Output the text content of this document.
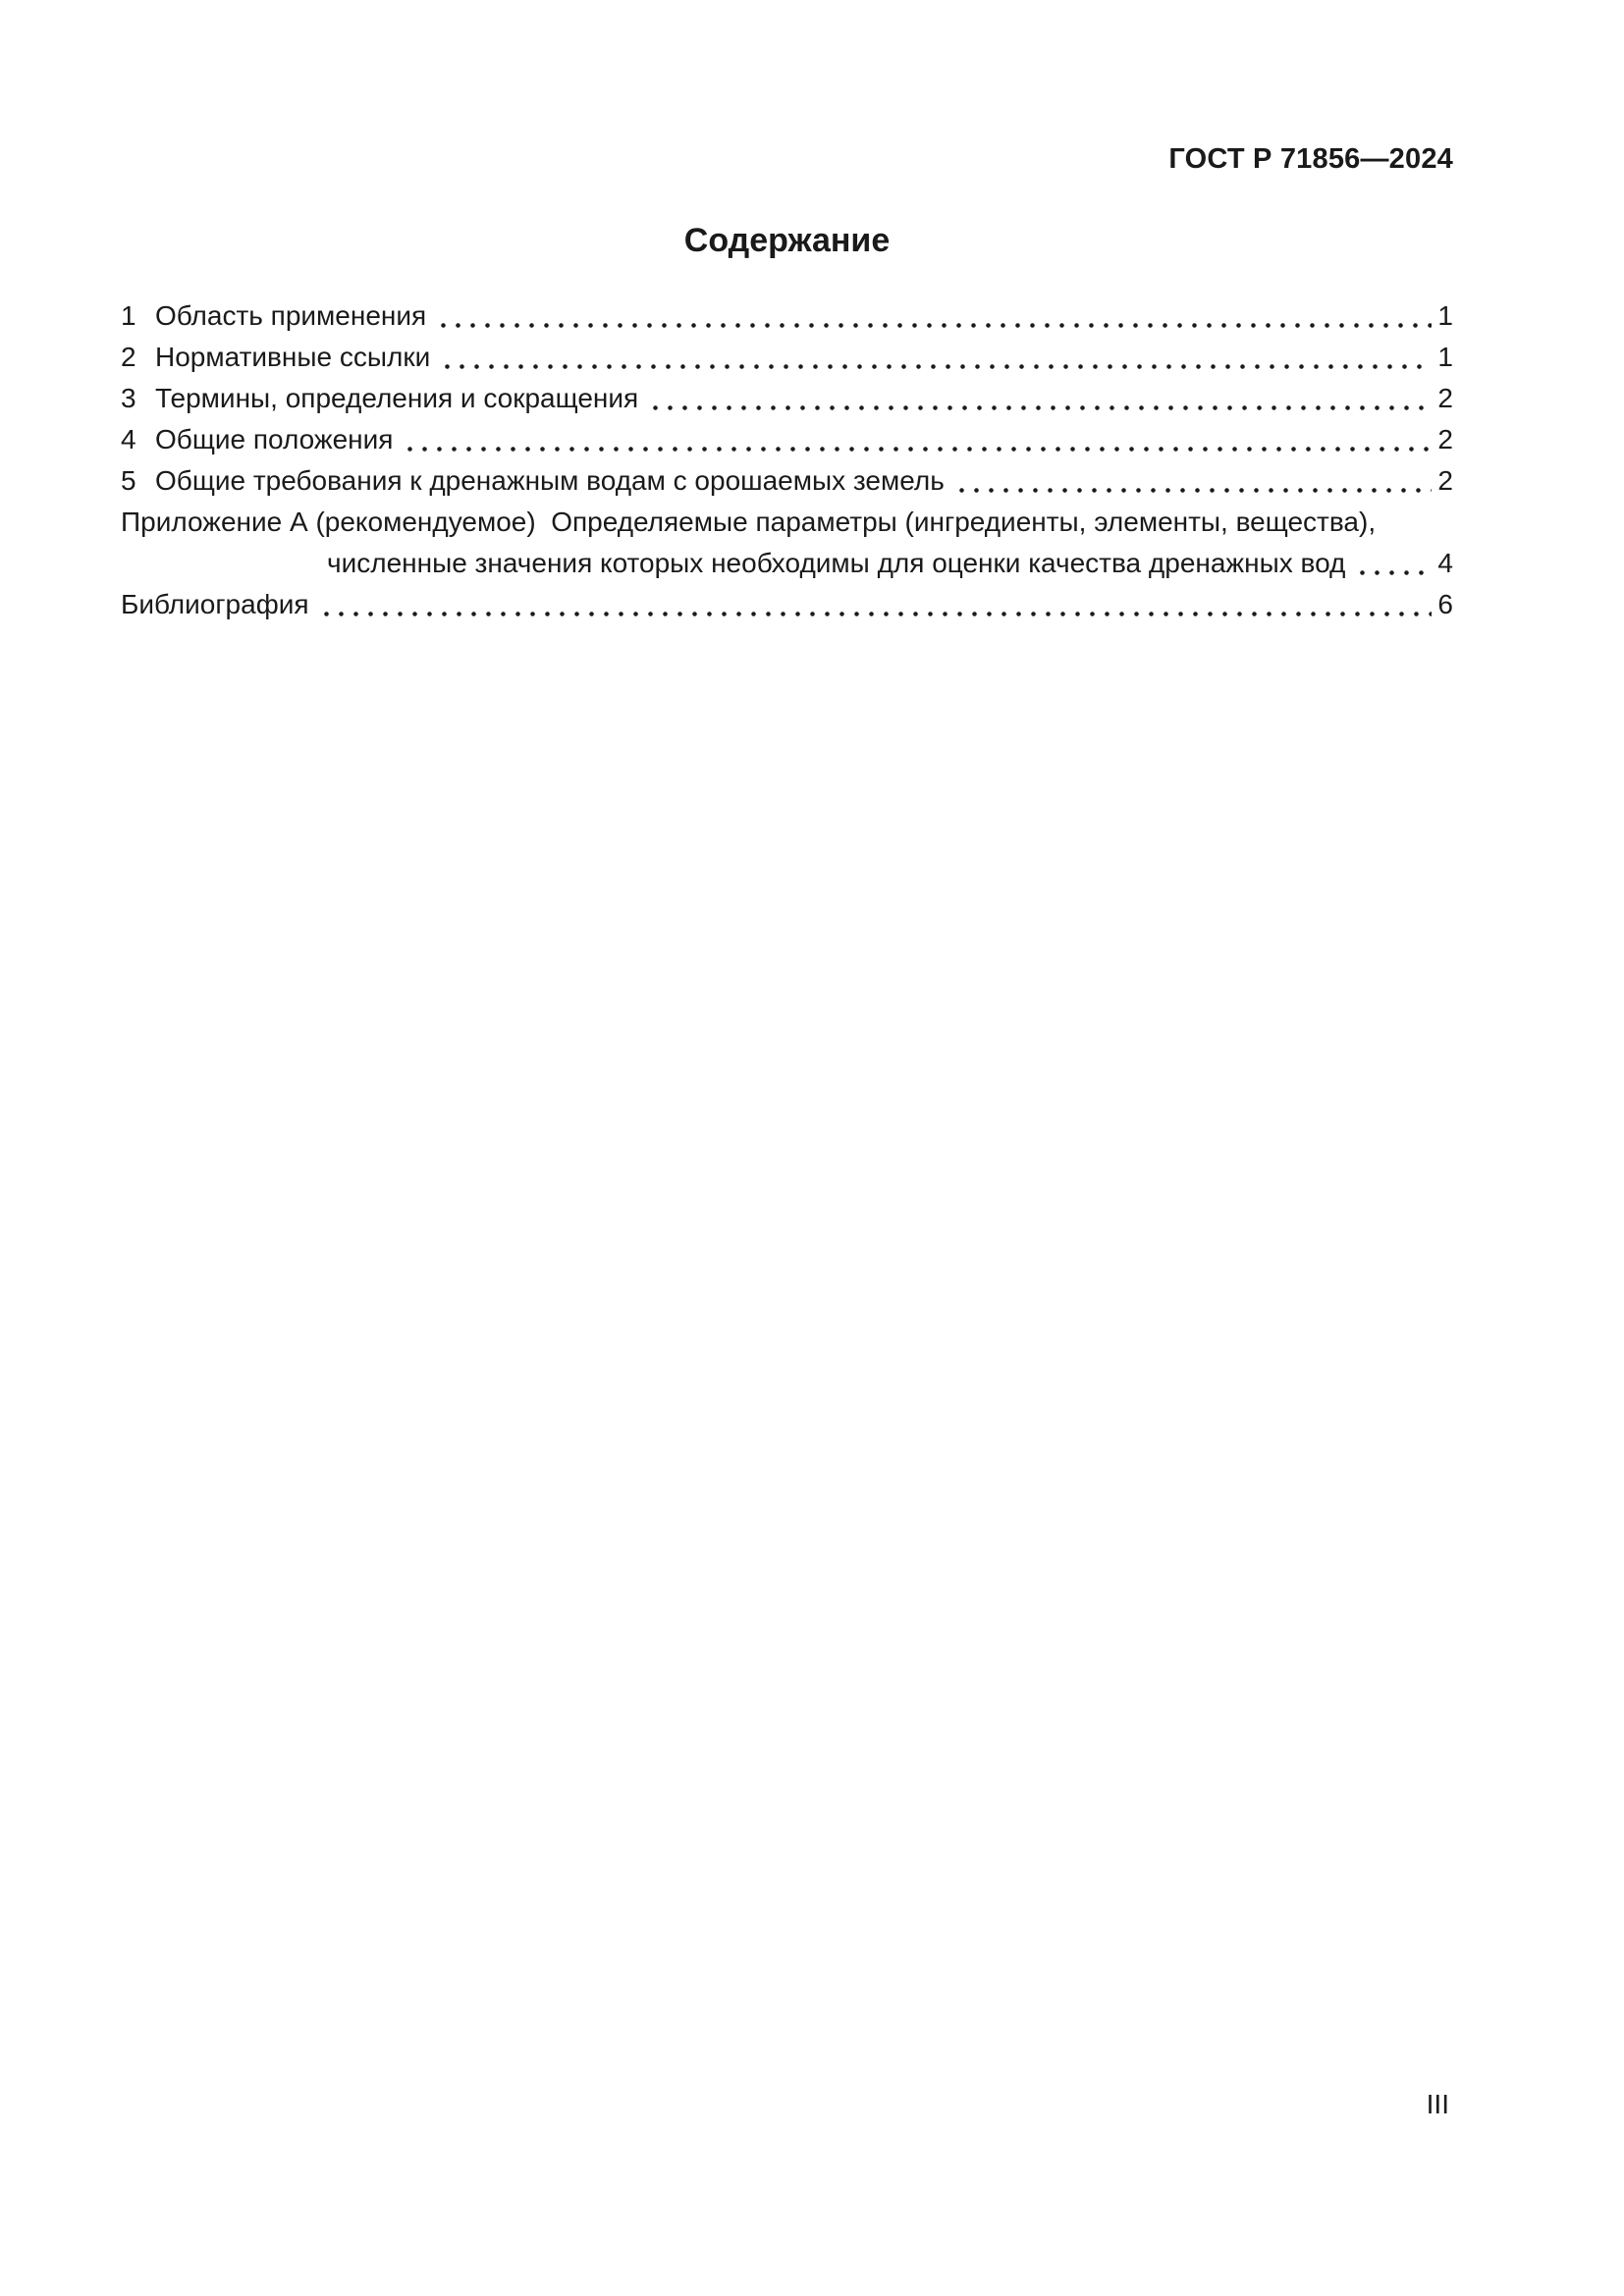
ГОСТ Р 71856—2024
Содержание
1 Область применения	1
2 Нормативные ссылки	1
3 Термины, определения и сокращения	2
4 Общие положения	2
5 Общие требования к дренажным водам с орошаемых земель	2
Приложение А (рекомендуемое)  Определяемые параметры (ингредиенты, элементы, вещества),
численные значения которых необходимы для оценки качества дренажных вод	4
Библиография	6
III
